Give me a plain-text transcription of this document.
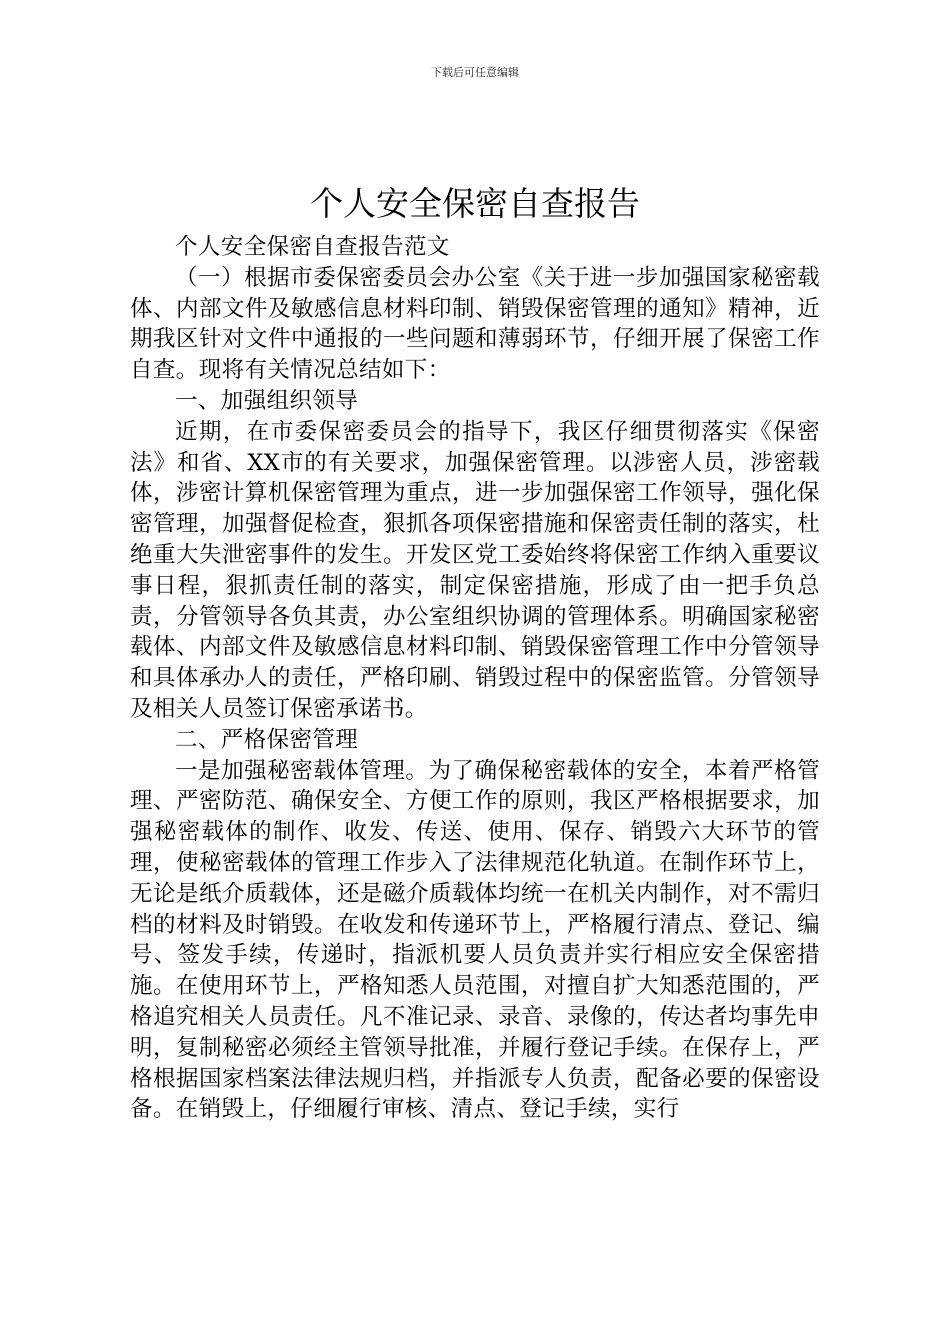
下载后可任意编辑
个人安全保密自查报告

个人安全保密自查报告范文

（一）根据市委保密委员会办公室《关于进一步加强国家秘密载体、内部文件及敏感信息材料印制、销毁保密管理的通知》精神，近期我区针对文件中通报的一些问题和薄弱环节，仔细开展了保密工作自查。现将有关情况总结如下：

一、加强组织领导

近期，在市委保密委员会的指导下，我区仔细贯彻落实《保密法》和省、XX市的有关要求，加强保密管理。以涉密人员，涉密载体，涉密计算机保密管理为重点，进一步加强保密工作领导，强化保密管理，加强督促检查，狠抓各项保密措施和保密责任制的落实，杜绝重大失泄密事件的发生。开发区党工委始终将保密工作纳入重要议事日程，狠抓责任制的落实，制定保密措施，形成了由一把手负总责，分管领导各负其责，办公室组织协调的管理体系。明确国家秘密载体、内部文件及敏感信息材料印制、销毁保密管理工作中分管领导和具体承办人的责任，严格印刷、销毁过程中的保密监管。分管领导及相关人员签订保密承诺书。

二、严格保密管理

一是加强秘密载体管理。为了确保秘密载体的安全，本着严格管理、严密防范、确保安全、方便工作的原则，我区严格根据要求，加强秘密载体的制作、收发、传送、使用、保存、销毁六大环节的管理，使秘密载体的管理工作步入了法律规范化轨道。在制作环节上，无论是纸介质载体，还是磁介质载体均统一在机关内制作，对不需归档的材料及时销毁。在收发和传递环节上，严格履行清点、登记、编号、签发手续，传递时，指派机要人员负责并实行相应安全保密措施。在使用环节上，严格知悉人员范围，对擅自扩大知悉范围的，严格追究相关人员责任。凡不准记录、录音、录像的，传达者均事先申明，复制秘密必须经主管领导批准，并履行登记手续。在保存上，严格根据国家档案法律法规归档，并指派专人负责，配备必要的保密设备。在销毁上，仔细履行审核、清点、登记手续，实行
